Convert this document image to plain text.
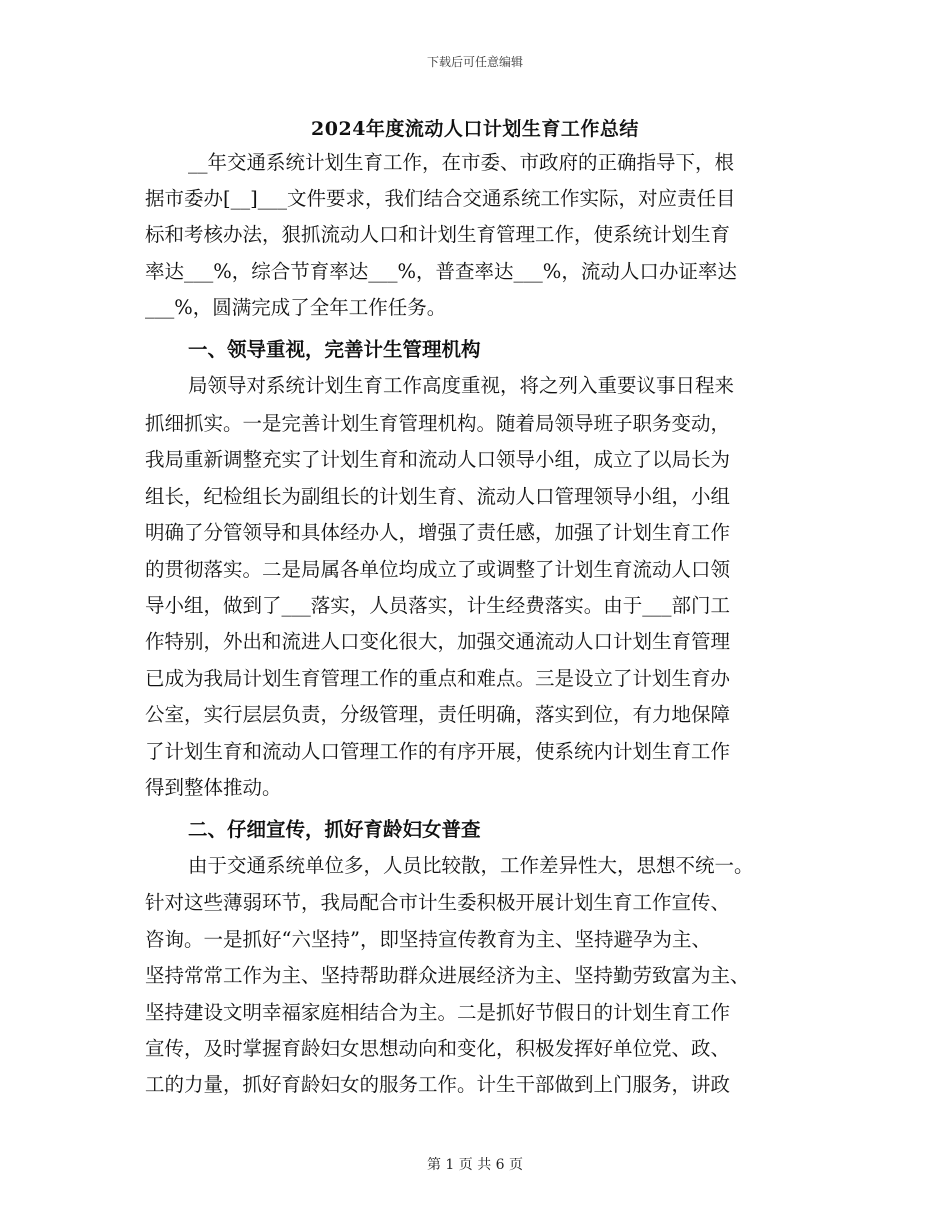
下载后可任意编辑
2024年度流动人口计划生育工作总结
__年交通系统计划生育工作，在市委、市政府的正确指导下，根
据市委办[__]___文件要求，我们结合交通系统工作实际，对应责任目
标和考核办法，狠抓流动人口和计划生育管理工作，使系统计划生育
率达___%，综合节育率达___%，普查率达___%，流动人口办证率达
___%，圆满完成了全年工作任务。
一、领导重视，完善计生管理机构
局领导对系统计划生育工作高度重视，将之列入重要议事日程来
抓细抓实。一是完善计划生育管理机构。随着局领导班子职务变动，
我局重新调整充实了计划生育和流动人口领导小组，成立了以局长为
组长，纪检组长为副组长的计划生育、流动人口管理领导小组，小组
明确了分管领导和具体经办人，增强了责任感，加强了计划生育工作
的贯彻落实。二是局属各单位均成立了或调整了计划生育流动人口领
导小组，做到了___落实，人员落实，计生经费落实。由于___部门工
作特别，外出和流进人口变化很大，加强交通流动人口计划生育管理
已成为我局计划生育管理工作的重点和难点。三是设立了计划生育办
公室，实行层层负责，分级管理，责任明确，落实到位，有力地保障
了计划生育和流动人口管理工作的有序开展，使系统内计划生育工作
得到整体推动。
二、仔细宣传，抓好育龄妇女普查
由于交通系统单位多，人员比较散，工作差异性大，思想不统一。
针对这些薄弱环节，我局配合市计生委积极开展计划生育工作宣传、
咨询。一是抓好“六坚持”，即坚持宣传教育为主、坚持避孕为主、
坚持常常工作为主、坚持帮助群众进展经济为主、坚持勤劳致富为主、
坚持建设文明幸福家庭相结合为主。二是抓好节假日的计划生育工作
宣传，及时掌握育龄妇女思想动向和变化，积极发挥好单位党、政、
工的力量，抓好育龄妇女的服务工作。计生干部做到上门服务，讲政
第 1 页 共 6 页
